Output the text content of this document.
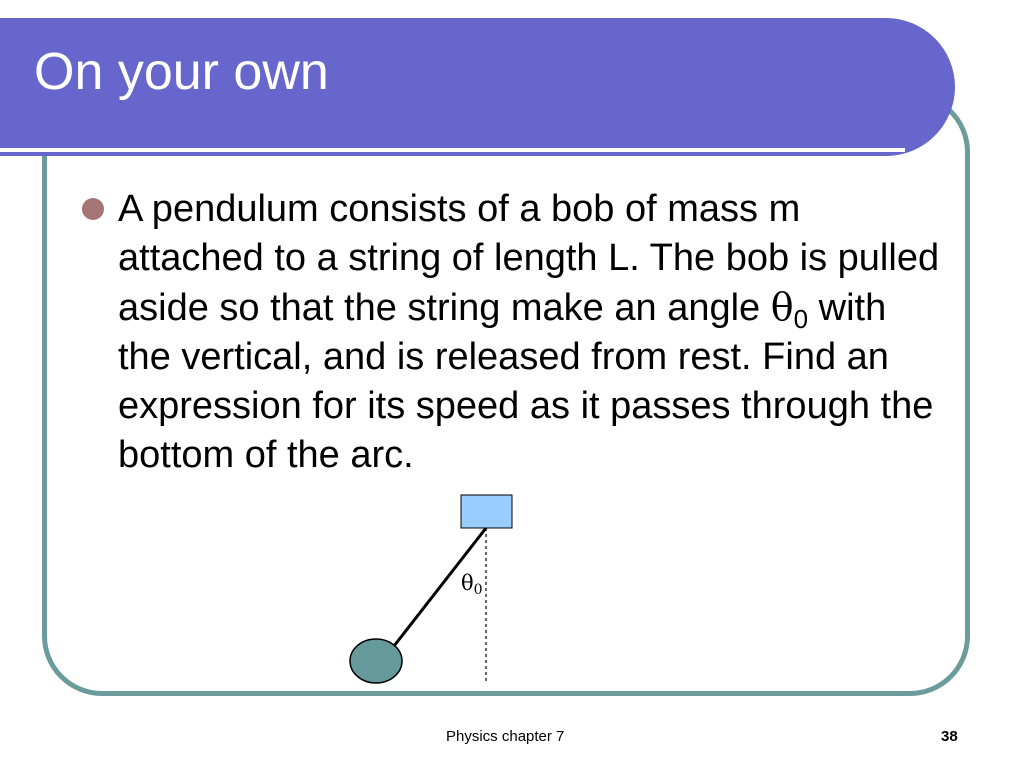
On your own

A pendulum consists of a bob of mass m attached to a string of length L. The bob is pulled aside so that the string make an angle $\theta_0$ with the vertical, and is released from rest. Find an expression for its speed as it passes through the bottom of the arc.

θ0
Physics chapter 7	38
